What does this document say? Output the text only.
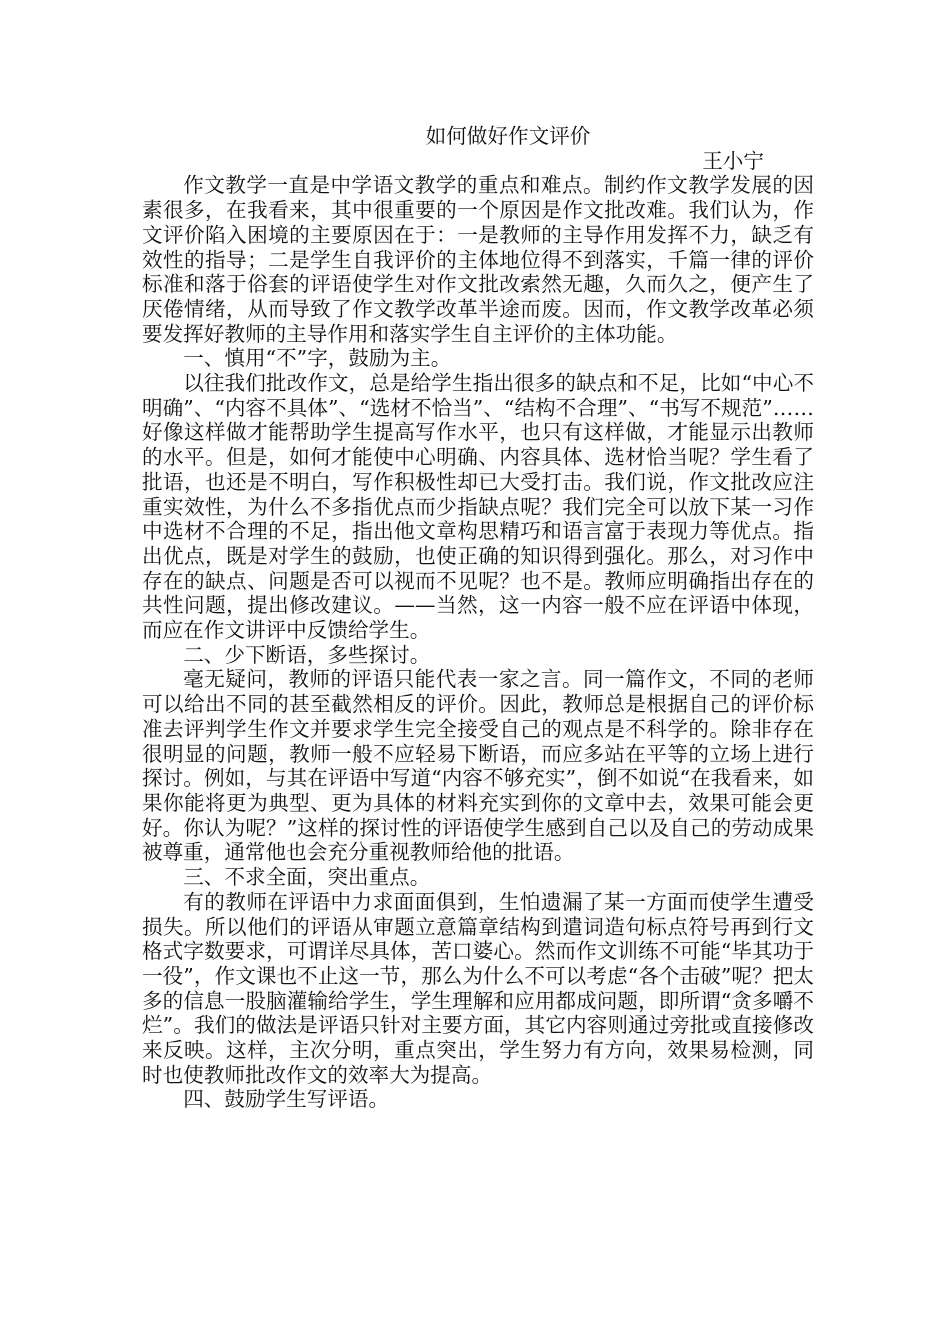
如何做好作文评价

王小宁

作文教学一直是中学语文教学的重点和难点。制约作文教学发展的因素很多，在我看来，其中很重要的一个原因是作文批改难。我们认为，作文评价陷入困境的主要原因在于：一是教师的主导作用发挥不力，缺乏有效性的指导；二是学生自我评价的主体地位得不到落实，千篇一律的评价标准和落于俗套的评语使学生对作文批改索然无趣，久而久之，便产生了厌倦情绪，从而导致了作文教学改革半途而废。因而，作文教学改革必须要发挥好教师的主导作用和落实学生自主评价的主体功能。

一、慎用“不”字，鼓励为主。

以往我们批改作文，总是给学生指出很多的缺点和不足，比如“中心不明确”、“内容不具体”、“选材不恰当”、“结构不合理”、“书写不规范”……好像这样做才能帮助学生提高写作水平，也只有这样做，才能显示出教师的水平。但是，如何才能使中心明确、内容具体、选材恰当呢？学生看了批语，也还是不明白，写作积极性却已大受打击。我们说，作文批改应注重实效性，为什么不多指优点而少指缺点呢？我们完全可以放下某一习作中选材不合理的不足，指出他文章构思精巧和语言富于表现力等优点。指出优点，既是对学生的鼓励，也使正确的知识得到强化。那么，对习作中存在的缺点、问题是否可以视而不见呢？也不是。教师应明确指出存在的共性问题，提出修改建议。——当然，这一内容一般不应在评语中体现，而应在作文讲评中反馈给学生。

二、少下断语，多些探讨。

毫无疑问，教师的评语只能代表一家之言。同一篇作文，不同的老师可以给出不同的甚至截然相反的评价。因此，教师总是根据自己的评价标准去评判学生作文并要求学生完全接受自己的观点是不科学的。除非存在很明显的问题，教师一般不应轻易下断语，而应多站在平等的立场上进行探讨。例如，与其在评语中写道“内容不够充实”，倒不如说“在我看来，如果你能将更为典型、更为具体的材料充实到你的文章中去，效果可能会更好。你认为呢？”这样的探讨性的评语使学生感到自己以及自己的劳动成果被尊重，通常他也会充分重视教师给他的批语。

三、不求全面，突出重点。

有的教师在评语中力求面面俱到，生怕遗漏了某一方面而使学生遭受损失。所以他们的评语从审题立意篇章结构到遣词造句标点符号再到行文格式字数要求，可谓详尽具体，苦口婆心。然而作文训练不可能“毕其功于一役”，作文课也不止这一节，那么为什么不可以考虑“各个击破”呢？把太多的信息一股脑灌输给学生，学生理解和应用都成问题，即所谓“贪多嚼不烂”。我们的做法是评语只针对主要方面，其它内容则通过旁批或直接修改来反映。这样，主次分明，重点突出，学生努力有方向，效果易检测，同时也使教师批改作文的效率大为提高。

四、鼓励学生写评语。
